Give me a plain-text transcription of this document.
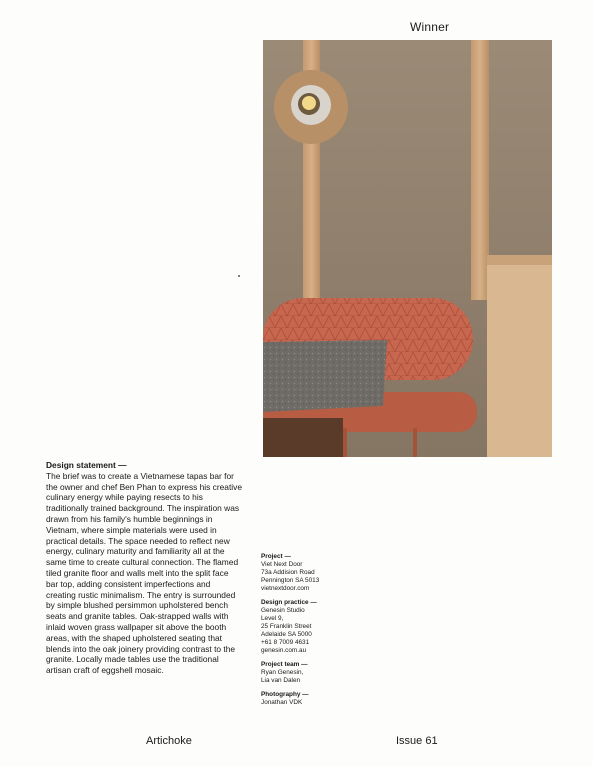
Winner
Design statement —
The brief was to create a Vietnamese tapas bar for the owner and chef Ben Phan to express his creative culinary energy while paying resects to his traditionally trained background. The inspiration was drawn from his family's humble beginnings in Vietnam, where simple materials were used in practical details. The space needed to reflect new energy, culinary maturity and familiarity all at the same time to create cultural connection. The flamed tiled granite floor and walls melt into the split face bar top, adding consistent imperfections and creating rustic minimalism. The entry is surrounded by simple blushed persimmon upholstered bench seats and granite tables. Oak-strapped walls with inlaid woven grass wallpaper sit above the booth areas, with the shaped upholstered seating that blends into the oak joinery providing contrast to the granite. Locally made tables use the traditional artisan craft of eggshell mosaic.
Project —
Viet Next Door
73a Addision Road
Pennington SA 5013
vietnextdoor.com
Design practice —
Genesin Studio
Level 9,
25 Franklin Street
Adelaide SA 5000
+61 8 7009 4631
genesin.com.au
Project team —
Ryan Genesin,
Lia van Dalen
Photography —
Jonathan VDK
Artichoke	Issue 61
